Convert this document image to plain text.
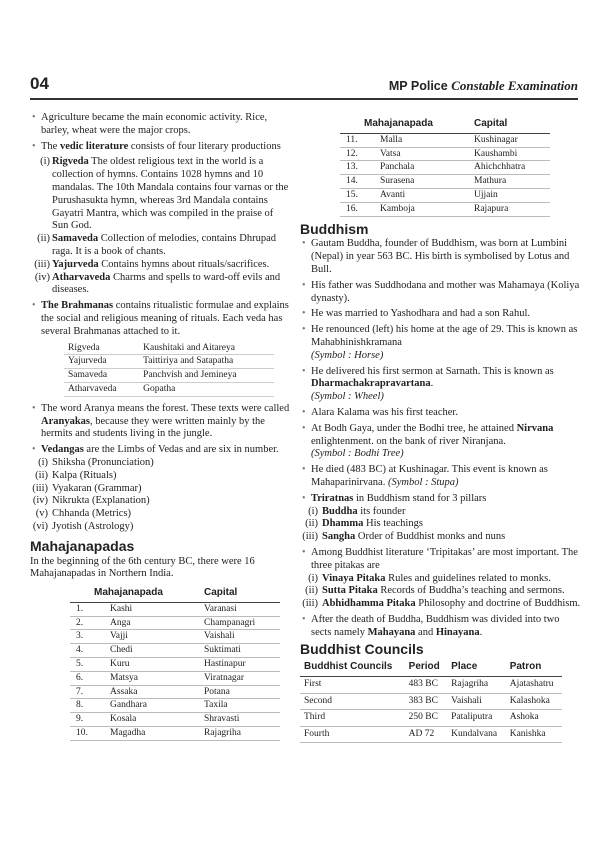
04	MP Police Constable Examination
• Agriculture became the main economic activity. Rice, barley, wheat were the major crops.
• The vedic literature consists of four literary productions
(i) Rigveda The oldest religious text in the world is a collection of hymns. Contains 1028 hymns and 10 mandalas. The 10th Mandala contains four varnas or the Purushasukta hymn, whereas 3rd Mandala contains Gayatri Mantra, which was compiled in the praise of Sun God.
(ii) Samaveda Collection of melodies, contains Dhrupad raga. It is a book of chants.
(iii) Yajurveda Contains hymns about rituals/sacrifices.
(iv) Atharvaveda Charms and spells to ward-off evils and diseases.
• The Brahmanas contains ritualistic formulae and explains the social and religious meaning of rituals. Each veda has several Brahmanas attached to it.
Rigveda	Kaushitaki and Aitareya
Yajurveda	Taittiriya and Satapatha
Samaveda	Panchvish and Jemineya
Atharvaveda	Gopatha
• The word Aranya means the forest. These texts were called Aranyakas, because they were written mainly by the hermits and students living in the jungle.
• Vedangas are the Limbs of Vedas and are six in number.
(i) Shiksha (Pronunciation)
(ii) Kalpa (Rituals)
(iii) Vyakaran (Grammar)
(iv) Nikrukta (Explanation)
(v) Chhanda (Metrics)
(vi) Jyotish (Astrology)
Mahajanapadas
In the beginning of the 6th century BC, there were 16 Mahajanapadas in Northern India.
Mahajanapada		Capital
1.	Kashi	Varanasi
2.	Anga	Champanagri
3.	Vajji	Vaishali
4.	Chedi	Suktimati
5.	Kuru	Hastinapur
6.	Matsya	Viratnagar
7.	Assaka	Potana
8.	Gandhara	Taxila
9.	Kosala	Shravasti
10.	Magadha	Rajagriha
Mahajanapada		Capital
11.	Malla	Kushinagar
12.	Vatsa	Kaushambi
13.	Panchala	Ahichchhatra
14.	Surasena	Mathura
15.	Avanti	Ujjain
16.	Kamboja	Rajapura
Buddhism
• Gautam Buddha, founder of Buddhism, was born at Lumbini (Nepal) in year 563 BC. His birth is symbolised by Lotus and Bull.
• His father was Suddhodana and mother was Mahamaya (Koliya dynasty).
• He was married to Yashodhara and had a son Rahul.
• He renounced (left) his home at the age of 29. This is known as Mahabhinishkramana
(Symbol : Horse)
• He delivered his first sermon at Sarnath. This is known as Dharmachakrapravartana.
(Symbol : Wheel)
• Alara Kalama was his first teacher.
• At Bodh Gaya, under the Bodhi tree, he attained Nirvana enlightenment. on the bank of river Niranjana.
(Symbol : Bodhi Tree)
• He died (483 BC) at Kushinagar. This event is known as Mahaparinirvana. (Symbol : Stupa)
• Triratnas in Buddhism stand for 3 pillars
(i) Buddha its founder
(ii) Dhamma His teachings
(iii) Sangha Order of Buddhist monks and nuns
• Among Buddhist literature ‘Tripitakas’ are most important. The three pitakas are
(i) Vinaya Pitaka Rules and guidelines related to monks.
(ii) Sutta Pitaka Records of Buddha’s teaching and sermons.
(iii) Abhidhamma Pitaka Philosophy and doctrine of Buddhism.
• After the death of Buddha, Buddhism was divided into two sects namely Mahayana and Hinayana.
Buddhist Councils
Buddhist Councils	Period	Place	Patron
First	483 BC	Rajagriha	Ajatashatru
Second	383 BC	Vaishali	Kalashoka
Third	250 BC	Pataliputra	Ashoka
Fourth	AD 72	Kundalvana	Kanishka
